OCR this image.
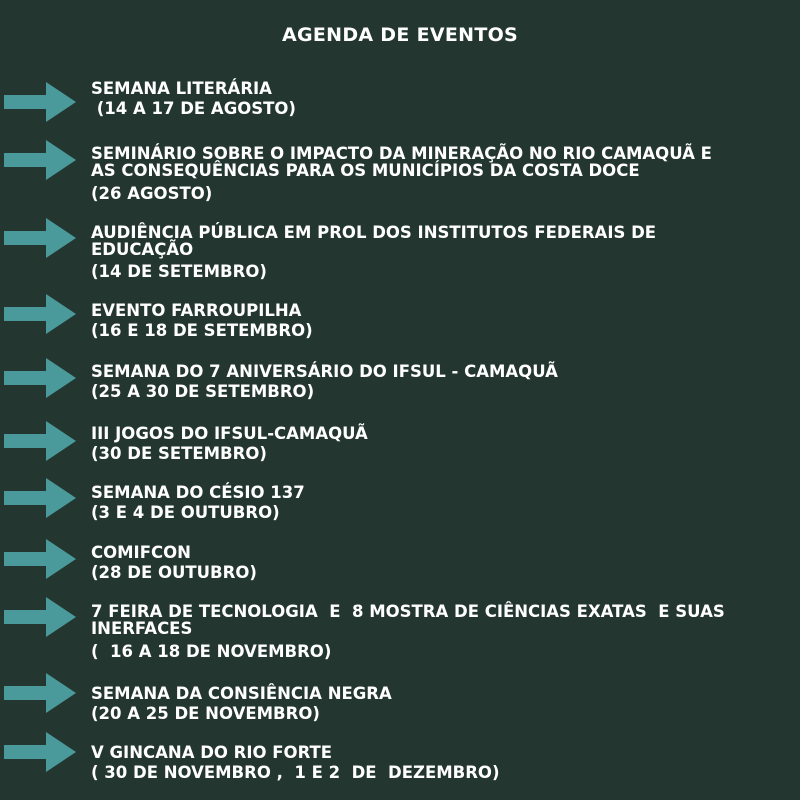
AGENDA DE EVENTOS
SEMANA LITERÁRIA
(14 A 17 DE AGOSTO)
SEMINÁRIO SOBRE O IMPACTO DA MINERAÇÃO NO RIO CAMAQUÃ E
AS CONSEQUÊNCIAS PARA OS MUNICÍPIOS DA COSTA DOCE
(26 AGOSTO)
AUDIÊNCIA PÚBLICA EM PROL DOS INSTITUTOS FEDERAIS DE
EDUCAÇÃO
(14 DE SETEMBRO)
EVENTO FARROUPILHA
(16 E 18 DE SETEMBRO)
SEMANA DO 7 ANIVERSÁRIO DO IFSUL - CAMAQUÃ
(25 A 30 DE SETEMBRO)
III JOGOS DO IFSUL-CAMAQUÃ
(30 DE SETEMBRO)
SEMANA DO CÉSIO 137
(3 E 4 DE OUTUBRO)
COMIFCON
(28 DE OUTUBRO)
7 FEIRA DE TECNOLOGIA  E  8 MOSTRA DE CIÊNCIAS EXATAS  E SUAS
INERFACES
(  16 A 18 DE NOVEMBRO)
SEMANA DA CONSIÊNCIA NEGRA
(20 A 25 DE NOVEMBRO)
V GINCANA DO RIO FORTE
( 30 DE NOVEMBRO ,  1 E 2  DE  DEZEMBRO)
